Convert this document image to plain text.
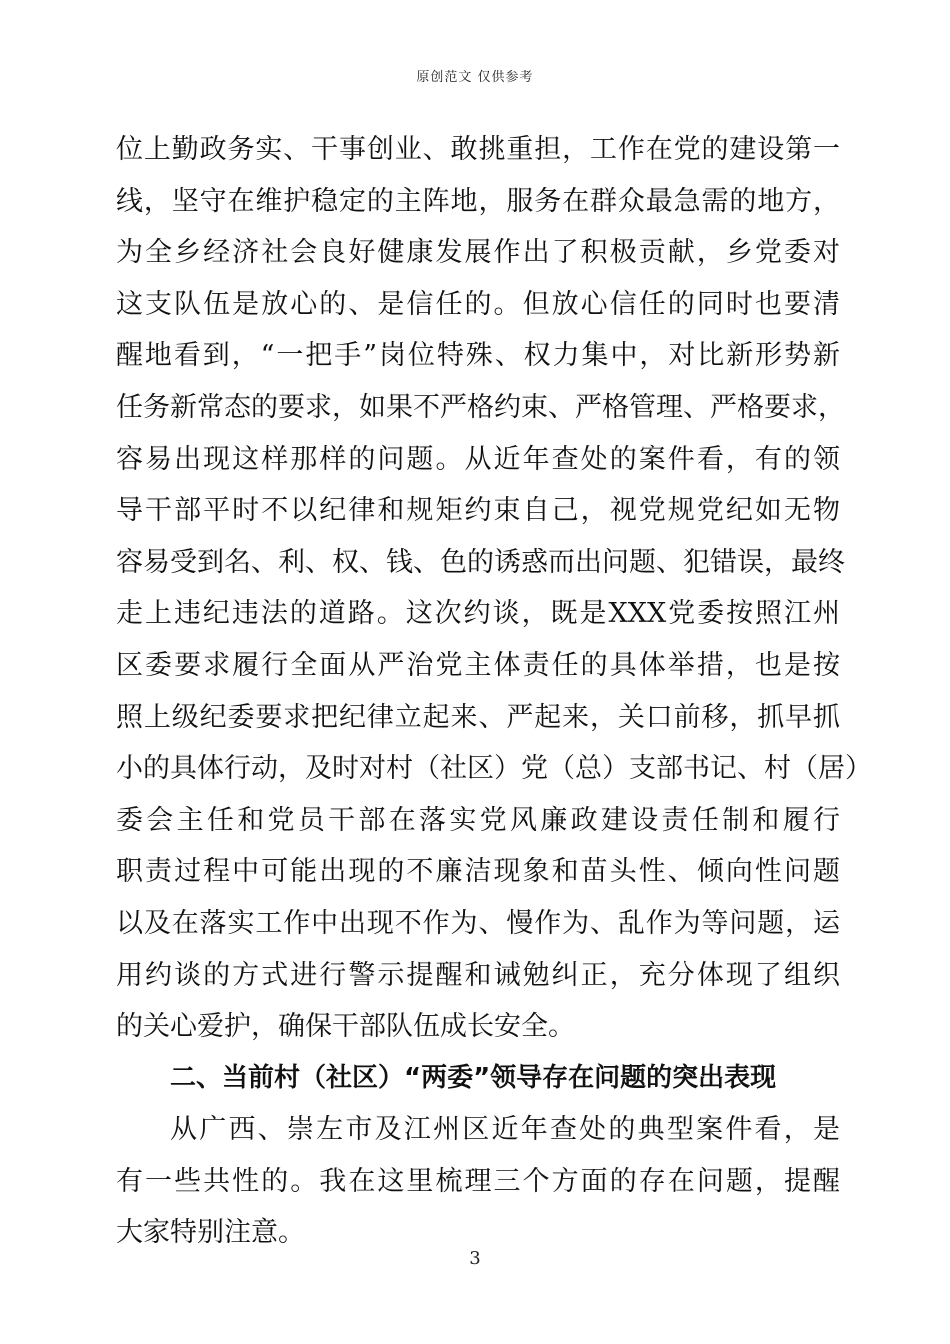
原创范文 仅供参考
位上勤政务实、干事创业、敢挑重担，工作在党的建设第一
线，坚守在维护稳定的主阵地，服务在群众最急需的地方，
为全乡经济社会良好健康发展作出了积极贡献，乡党委对
这支队伍是放心的、是信任的。但放心信任的同时也要清
醒地看到，“一把手”岗位特殊、权力集中，对比新形势新
任务新常态的要求，如果不严格约束、严格管理、严格要求，
容易出现这样那样的问题。从近年查处的案件看，有的领
导干部平时不以纪律和规矩约束自己，视党规党纪如无物
容易受到名、利、权、钱、色的诱惑而出问题、犯错误，最终
走上违纪违法的道路。这次约谈，既是XXX党委按照江州
区委要求履行全面从严治党主体责任的具体举措，也是按
照上级纪委要求把纪律立起来、严起来，关口前移，抓早抓
小的具体行动，及时对村（社区）党（总）支部书记、村（居）
委会主任和党员干部在落实党风廉政建设责任制和履行
职责过程中可能出现的不廉洁现象和苗头性、倾向性问题
以及在落实工作中出现不作为、慢作为、乱作为等问题，运
用约谈的方式进行警示提醒和诫勉纠正，充分体现了组织
的关心爱护，确保干部队伍成长安全。
二、当前村（社区）“两委”领导存在问题的突出表现
从广西、崇左市及江州区近年查处的典型案件看，是
有一些共性的。我在这里梳理三个方面的存在问题，提醒
大家特别注意。
3
